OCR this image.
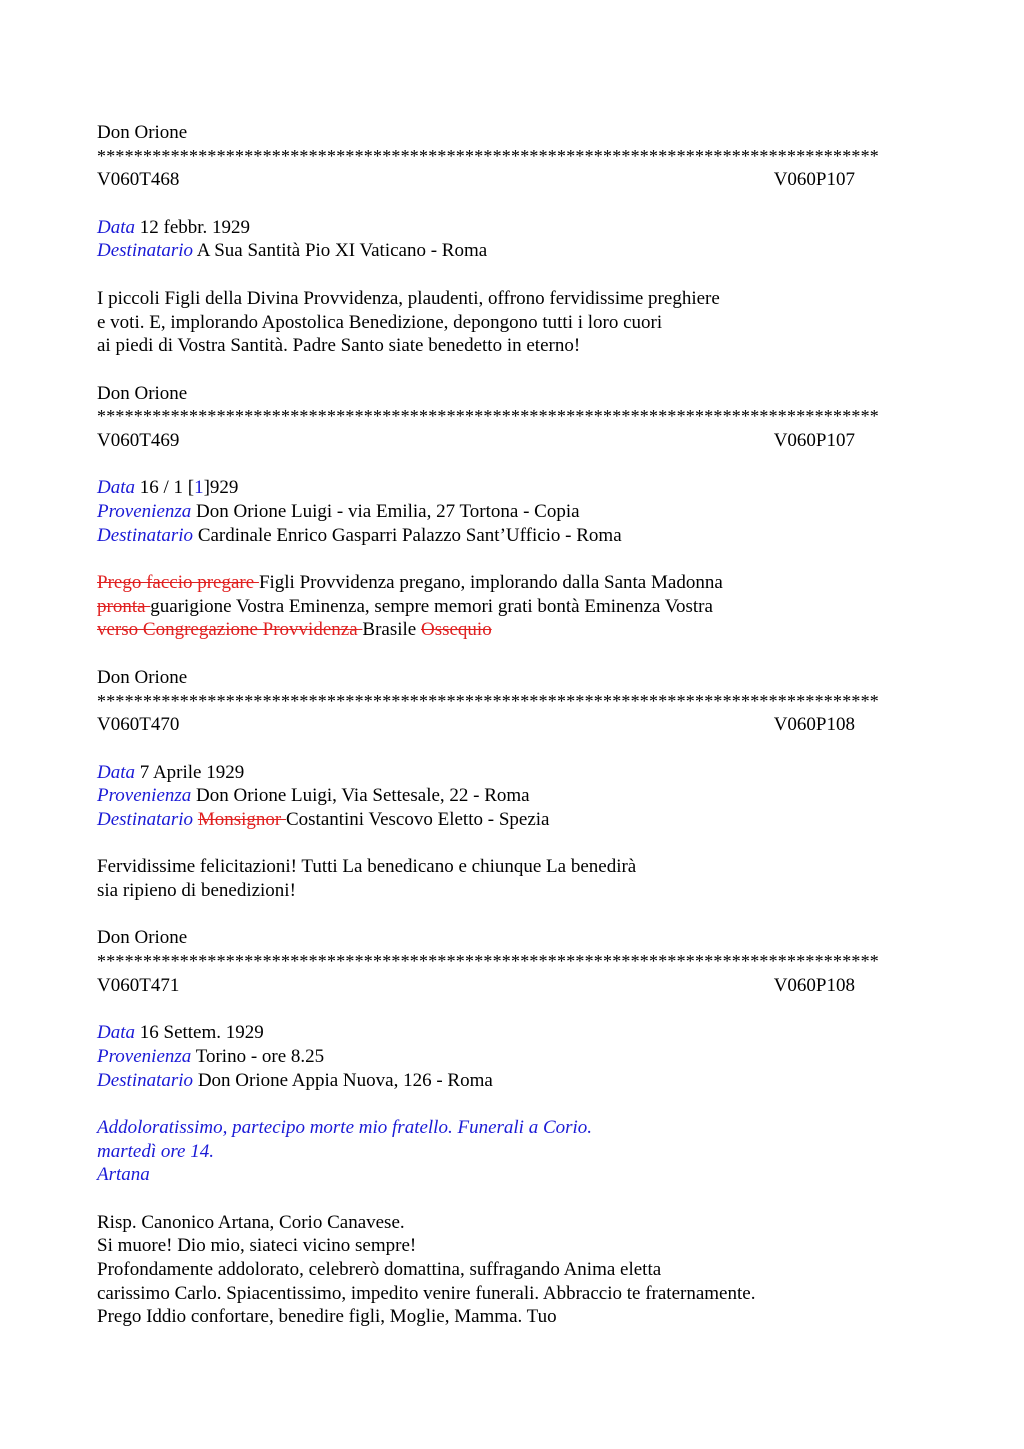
Don Orione
*************************************************************************************
V060T468	V060P107
Data 12 febbr. 1929
Destinatario A Sua Santità Pio XI Vaticano - Roma
I piccoli Figli della Divina Provvidenza, plaudenti, offrono fervidissime preghiere
e voti. E, implorando Apostolica Benedizione, depongono tutti i loro cuori
ai piedi di Vostra Santità. Padre Santo siate benedetto in eterno!
Don Orione
*************************************************************************************
V060T469	V060P107
Data 16 / 1 [1]929
Provenienza Don Orione Luigi - via Emilia, 27 Tortona - Copia
Destinatario Cardinale Enrico Gasparri Palazzo Sant’Ufficio - Roma
Prego faccio pregare Figli Provvidenza pregano, implorando dalla Santa Madonna
pronta guarigione Vostra Eminenza, sempre memori grati bontà Eminenza Vostra
verso Congregazione Provvidenza Brasile Ossequio
Don Orione
*************************************************************************************
V060T470	V060P108
Data 7 Aprile 1929
Provenienza Don Orione Luigi, Via Settesale, 22 - Roma
Destinatario Monsignor Costantini Vescovo Eletto - Spezia
Fervidissime felicitazioni! Tutti La benedicano e chiunque La benedirà
sia ripieno di benedizioni!
Don Orione
*************************************************************************************
V060T471	V060P108
Data 16 Settem. 1929
Provenienza Torino - ore 8.25
Destinatario Don Orione Appia Nuova, 126 - Roma
Addoloratissimo, partecipo morte mio fratello. Funerali a Corio.
martedì ore 14.
Artana
Risp. Canonico Artana, Corio Canavese.
Si muore! Dio mio, siateci vicino sempre!
Profondamente addolorato, celebrerò domattina, suffragando Anima eletta
carissimo Carlo. Spiacentissimo, impedito venire funerali. Abbraccio te fraternamente.
Prego Iddio confortare, benedire figli, Moglie, Mamma. Tuo
